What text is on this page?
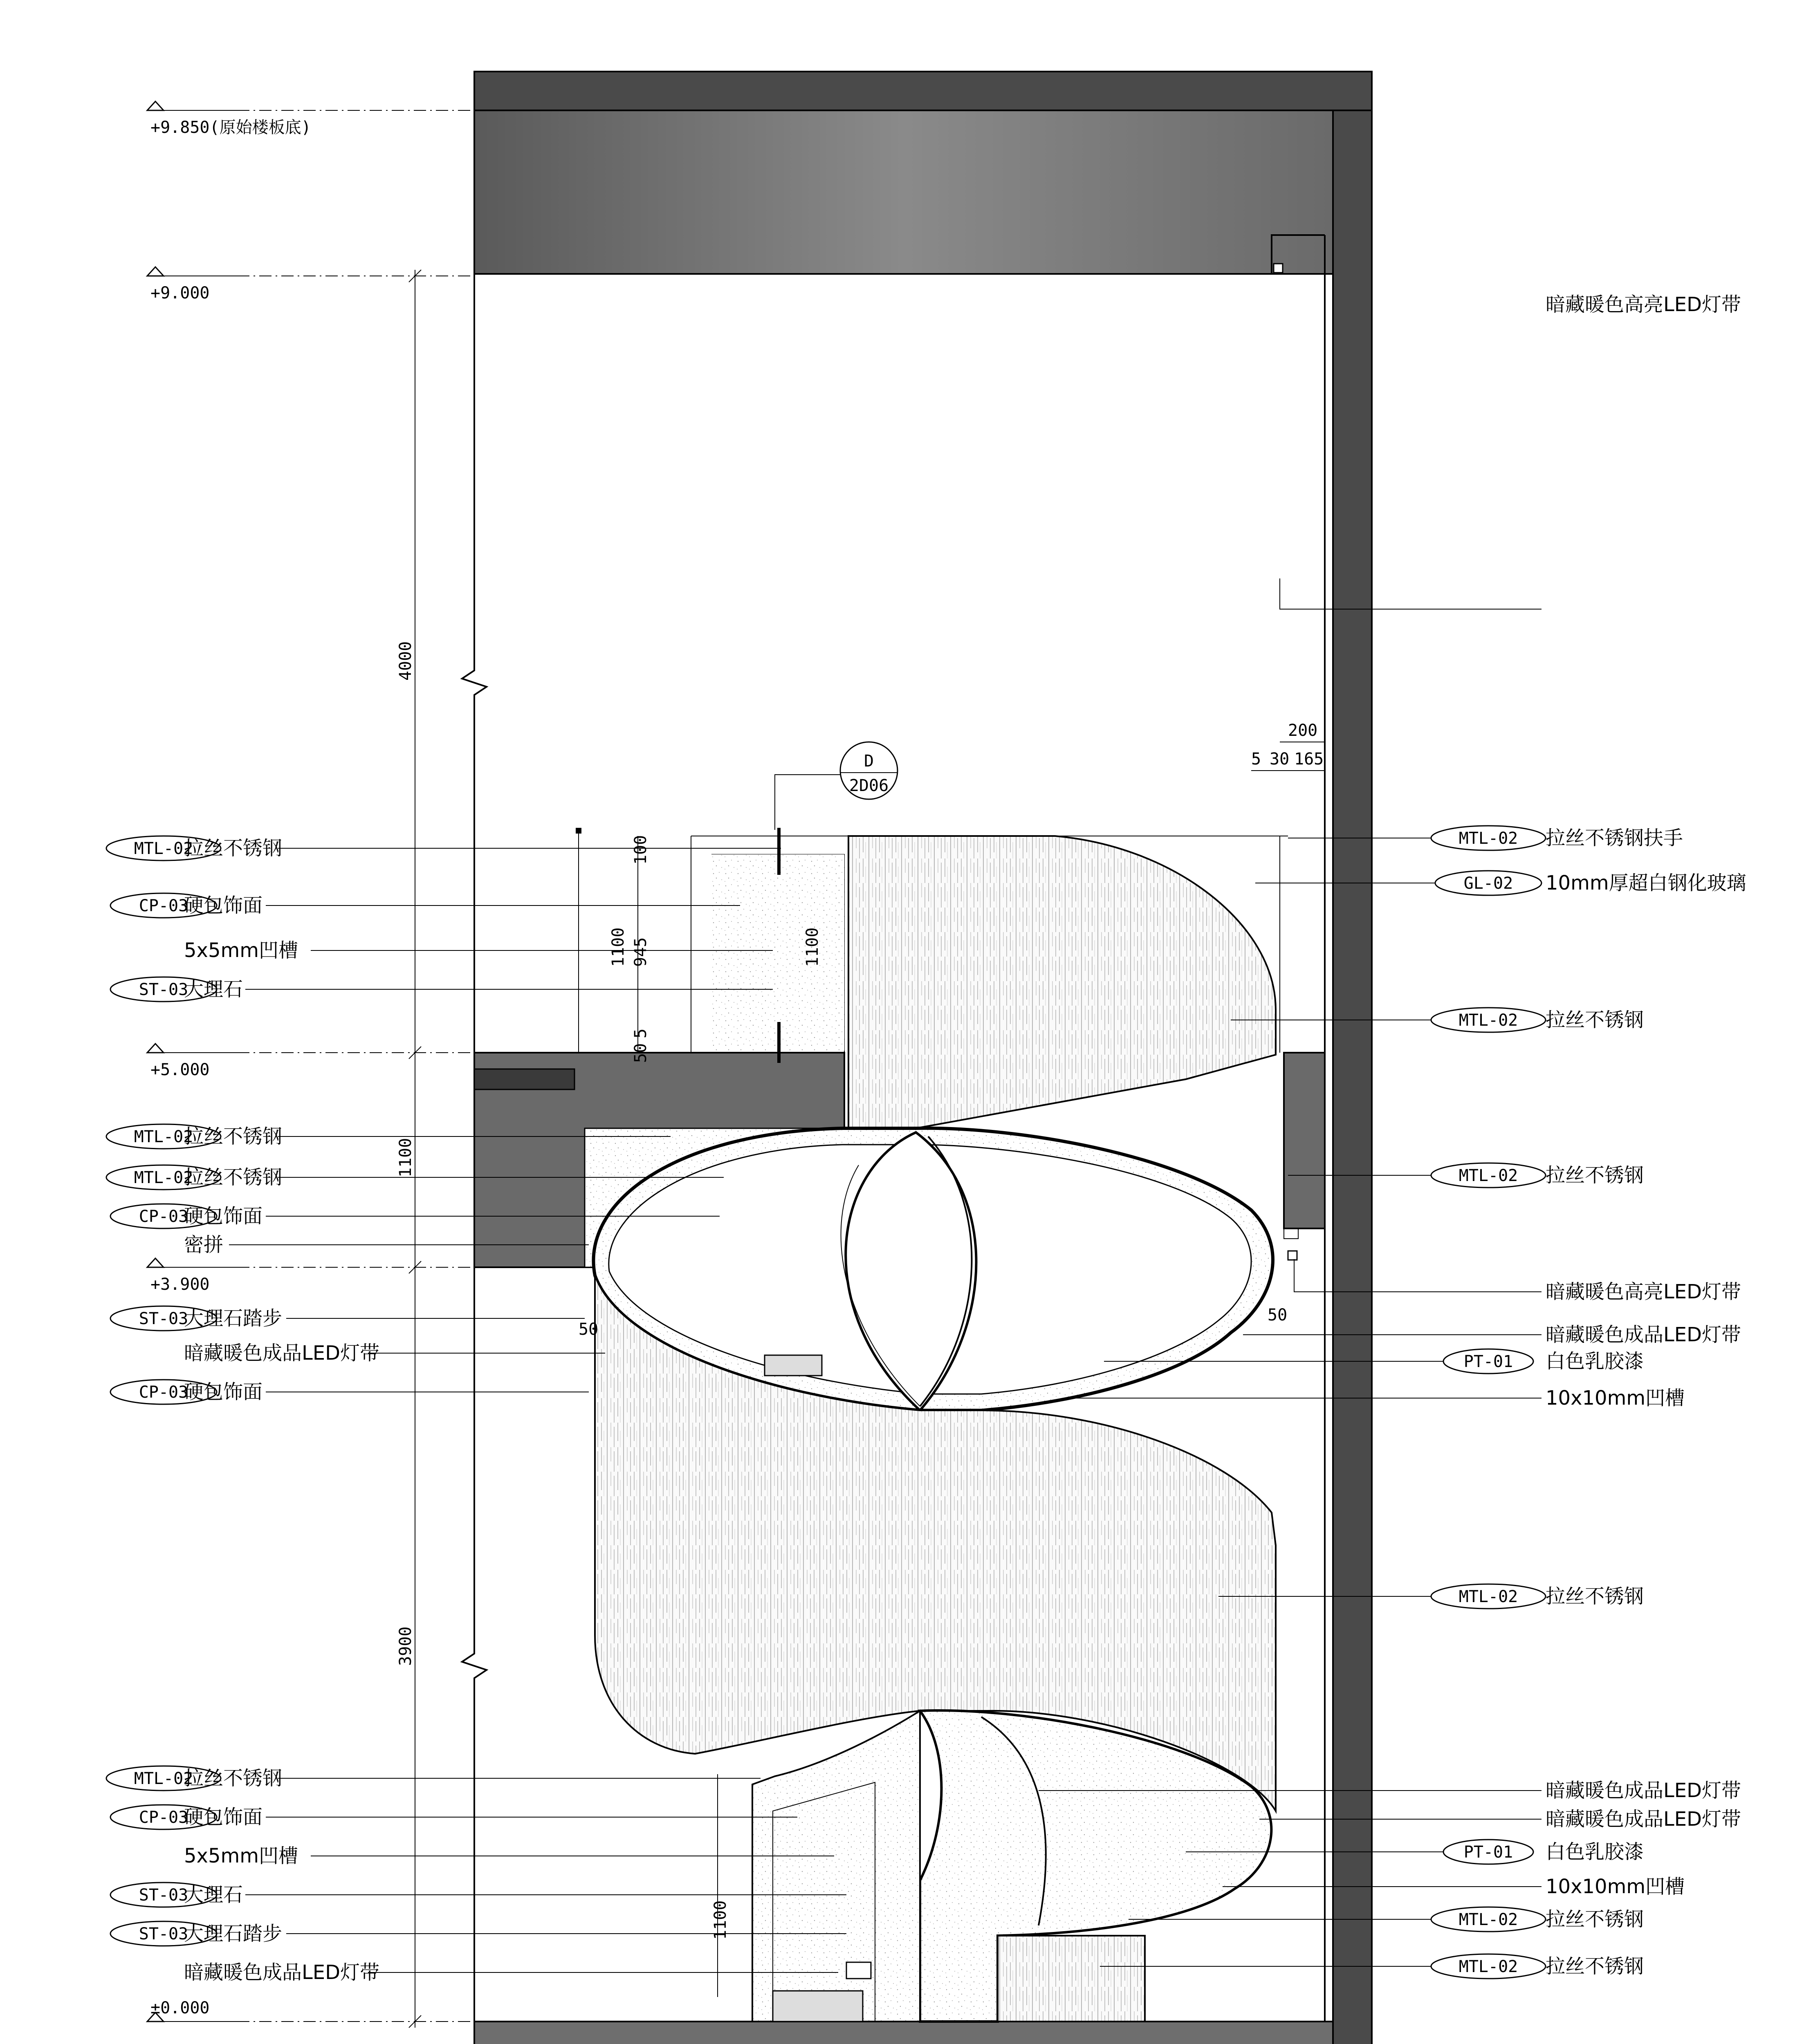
+9.850(原始楼板底)
+9.000
+5.000
+3.900
±0.000
4000
1100
3900
100
1100 945
50
5
1100
1100
200
5 30 165
50
50
D
2D06
MTL-02
拉丝不锈钢
CP-03
硬包饰面
5x5mm凹槽
ST-03
大理石
MTL-02
拉丝不锈钢
MTL-02
拉丝不锈钢
CP-03
硬包饰面
密拼
ST-03
大理石踏步
暗藏暖色成品LED灯带
CP-03
硬包饰面
MTL-02
拉丝不锈钢
CP-03
硬包饰面
5x5mm凹槽
ST-03
大理石
ST-03
大理石踏步
暗藏暖色成品LED灯带
暗藏暖色高亮LED灯带
MTL-02 拉丝不锈钢扶手
GL-02 10mm厚超白钢化玻璃
MTL-02 拉丝不锈钢
MTL-02 拉丝不锈钢
暗藏暖色高亮LED灯带
暗藏暖色成品LED灯带
PT-01 白色乳胶漆
10x10mm凹槽
MTL-02 拉丝不锈钢
暗藏暖色成品LED灯带
暗藏暖色成品LED灯带
PT-01 白色乳胶漆
10x10mm凹槽
MTL-02 拉丝不锈钢
MTL-02 拉丝不锈钢
